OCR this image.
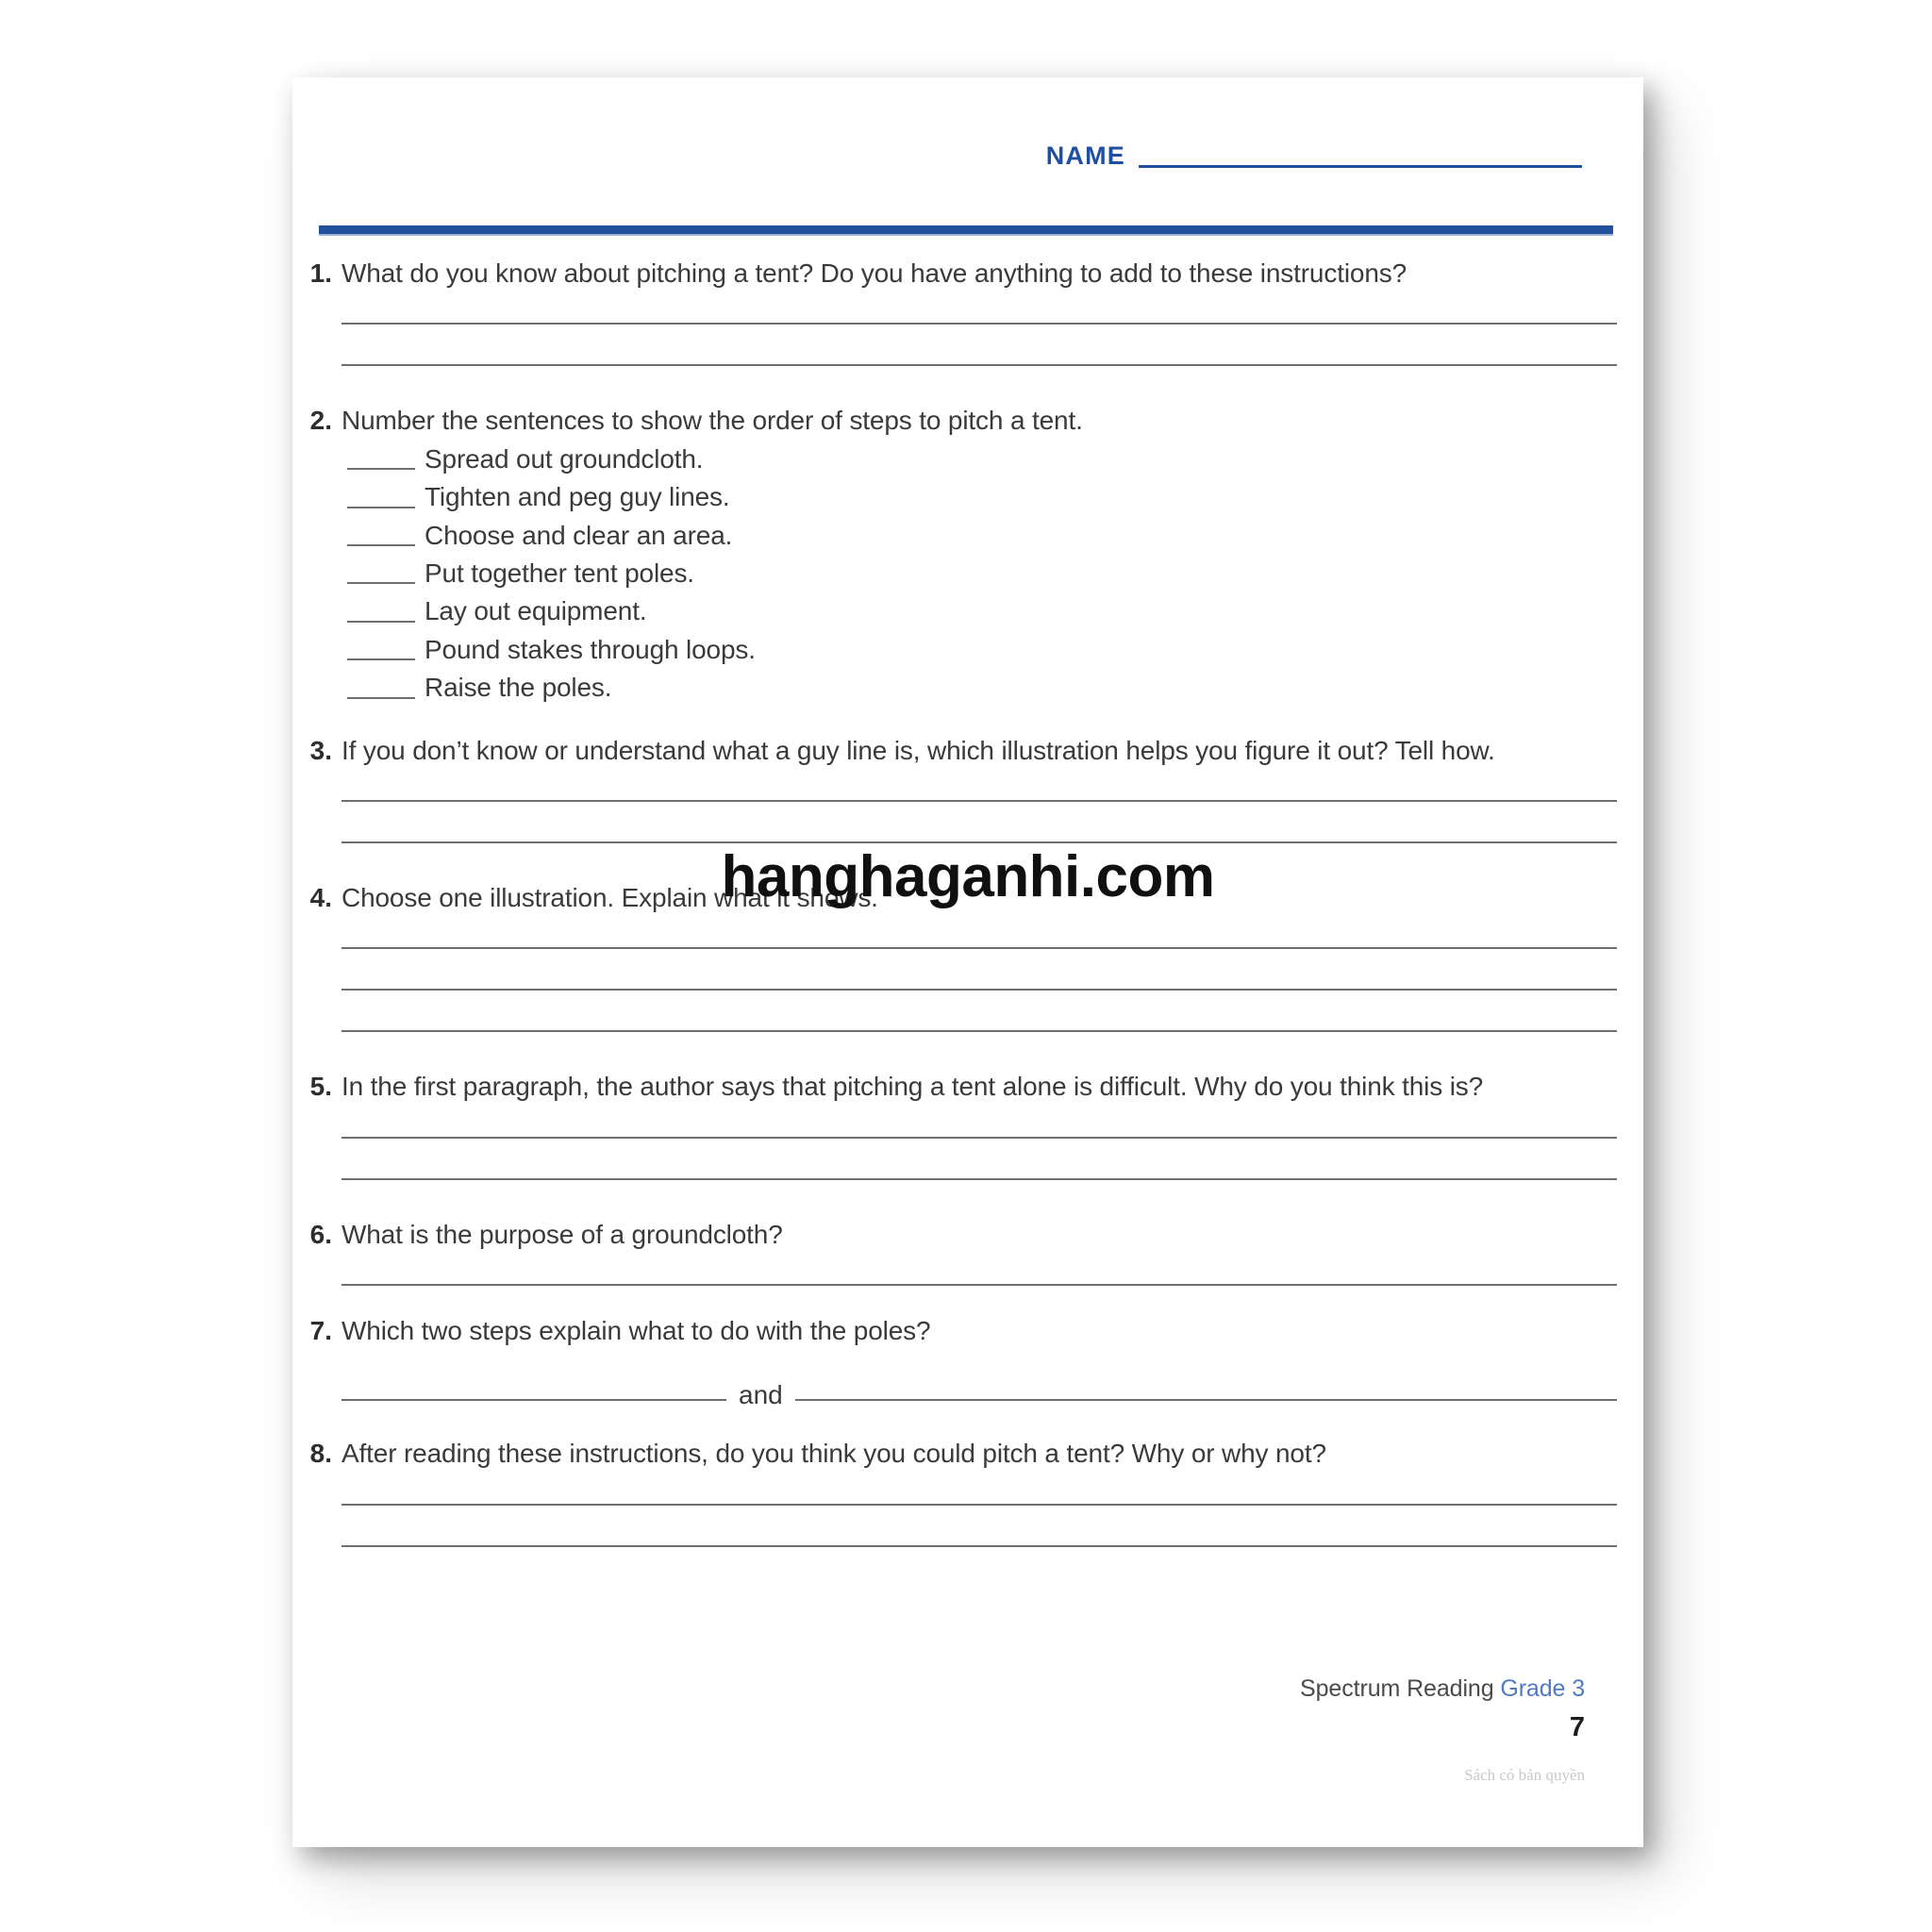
NAME
1. What do you know about pitching a tent? Do you have anything to add to these instructions?
2. Number the sentences to show the order of steps to pitch a tent.
Spread out groundcloth.
Tighten and peg guy lines.
Choose and clear an area.
Put together tent poles.
Lay out equipment.
Pound stakes through loops.
Raise the poles.
3. If you don’t know or understand what a guy line is, which illustration helps you figure it out? Tell how.
4. Choose one illustration. Explain what it shows.
5. In the first paragraph, the author says that pitching a tent alone is difficult. Why do you think this is?
6. What is the purpose of a groundcloth?
7. Which two steps explain what to do with the poles?
and
8. After reading these instructions, do you think you could pitch a tent? Why or why not?
hanghaganhi.com
Spectrum Reading Grade 3
7
Sách có bản quyền
